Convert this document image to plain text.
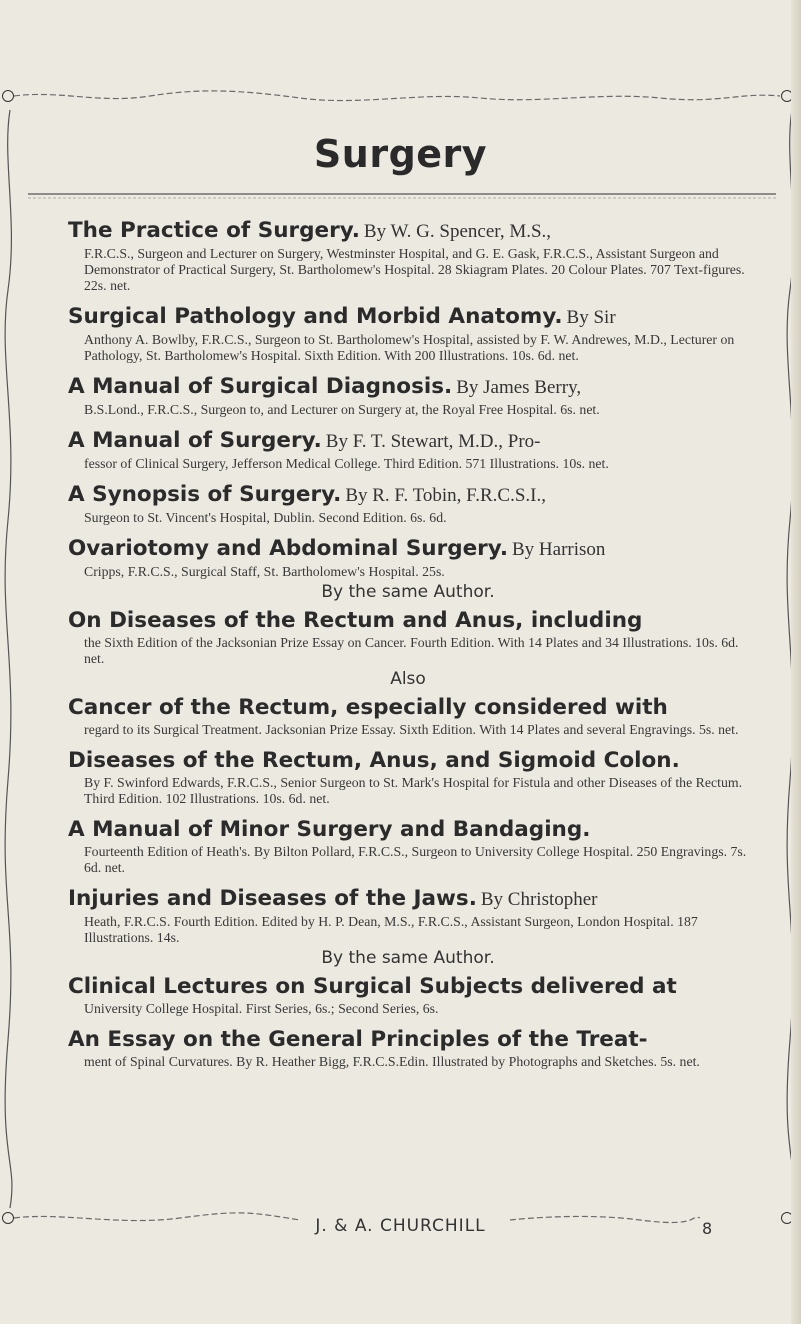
Surgery
The Practice of Surgery. By W. G. Spencer, M.S.,
F.R.C.S., Surgeon and Lecturer on Surgery, Westminster Hospital, and G. E. Gask, F.R.C.S., Assistant Surgeon and Demonstrator of Practical Surgery, St. Bartholomew's Hospital. 28 Skiagram Plates. 20 Colour Plates. 707 Text-figures. 22s. net.
Surgical Pathology and Morbid Anatomy. By Sir
Anthony A. Bowlby, F.R.C.S., Surgeon to St. Bartholomew's Hospital, assisted by F. W. Andrewes, M.D., Lecturer on Pathology, St. Bartholomew's Hospital. Sixth Edition. With 200 Illustrations. 10s. 6d. net.
A Manual of Surgical Diagnosis. By James Berry,
B.S.Lond., F.R.C.S., Surgeon to, and Lecturer on Surgery at, the Royal Free Hospital. 6s. net.
A Manual of Surgery. By F. T. Stewart, M.D., Pro-
fessor of Clinical Surgery, Jefferson Medical College. Third Edition. 571 Illustrations. 10s. net.
A Synopsis of Surgery. By R. F. Tobin, F.R.C.S.I.,
Surgeon to St. Vincent's Hospital, Dublin. Second Edition. 6s. 6d.
Ovariotomy and Abdominal Surgery. By Harrison
Cripps, F.R.C.S., Surgical Staff, St. Bartholomew's Hospital. 25s.
By the same Author.
On Diseases of the Rectum and Anus, including
the Sixth Edition of the Jacksonian Prize Essay on Cancer. Fourth Edition. With 14 Plates and 34 Illustrations. 10s. 6d. net.
Also
Cancer of the Rectum, especially considered with
regard to its Surgical Treatment. Jacksonian Prize Essay. Sixth Edition. With 14 Plates and several Engravings. 5s. net.
Diseases of the Rectum, Anus, and Sigmoid Colon.
By F. Swinford Edwards, F.R.C.S., Senior Surgeon to St. Mark's Hospital for Fistula and other Diseases of the Rectum. Third Edition. 102 Illustrations. 10s. 6d. net.
A Manual of Minor Surgery and Bandaging.
Fourteenth Edition of Heath's. By Bilton Pollard, F.R.C.S., Surgeon to University College Hospital. 250 Engravings. 7s. 6d. net.
Injuries and Diseases of the Jaws. By Christopher
Heath, F.R.C.S. Fourth Edition. Edited by H. P. Dean, M.S., F.R.C.S., Assistant Surgeon, London Hospital. 187 Illustrations. 14s.
By the same Author.
Clinical Lectures on Surgical Subjects delivered at
University College Hospital. First Series, 6s.; Second Series, 6s.
An Essay on the General Principles of the Treat-
ment of Spinal Curvatures. By R. Heather Bigg, F.R.C.S.Edin. Illustrated by Photographs and Sketches. 5s. net.
J. & A. CHURCHILL	8
